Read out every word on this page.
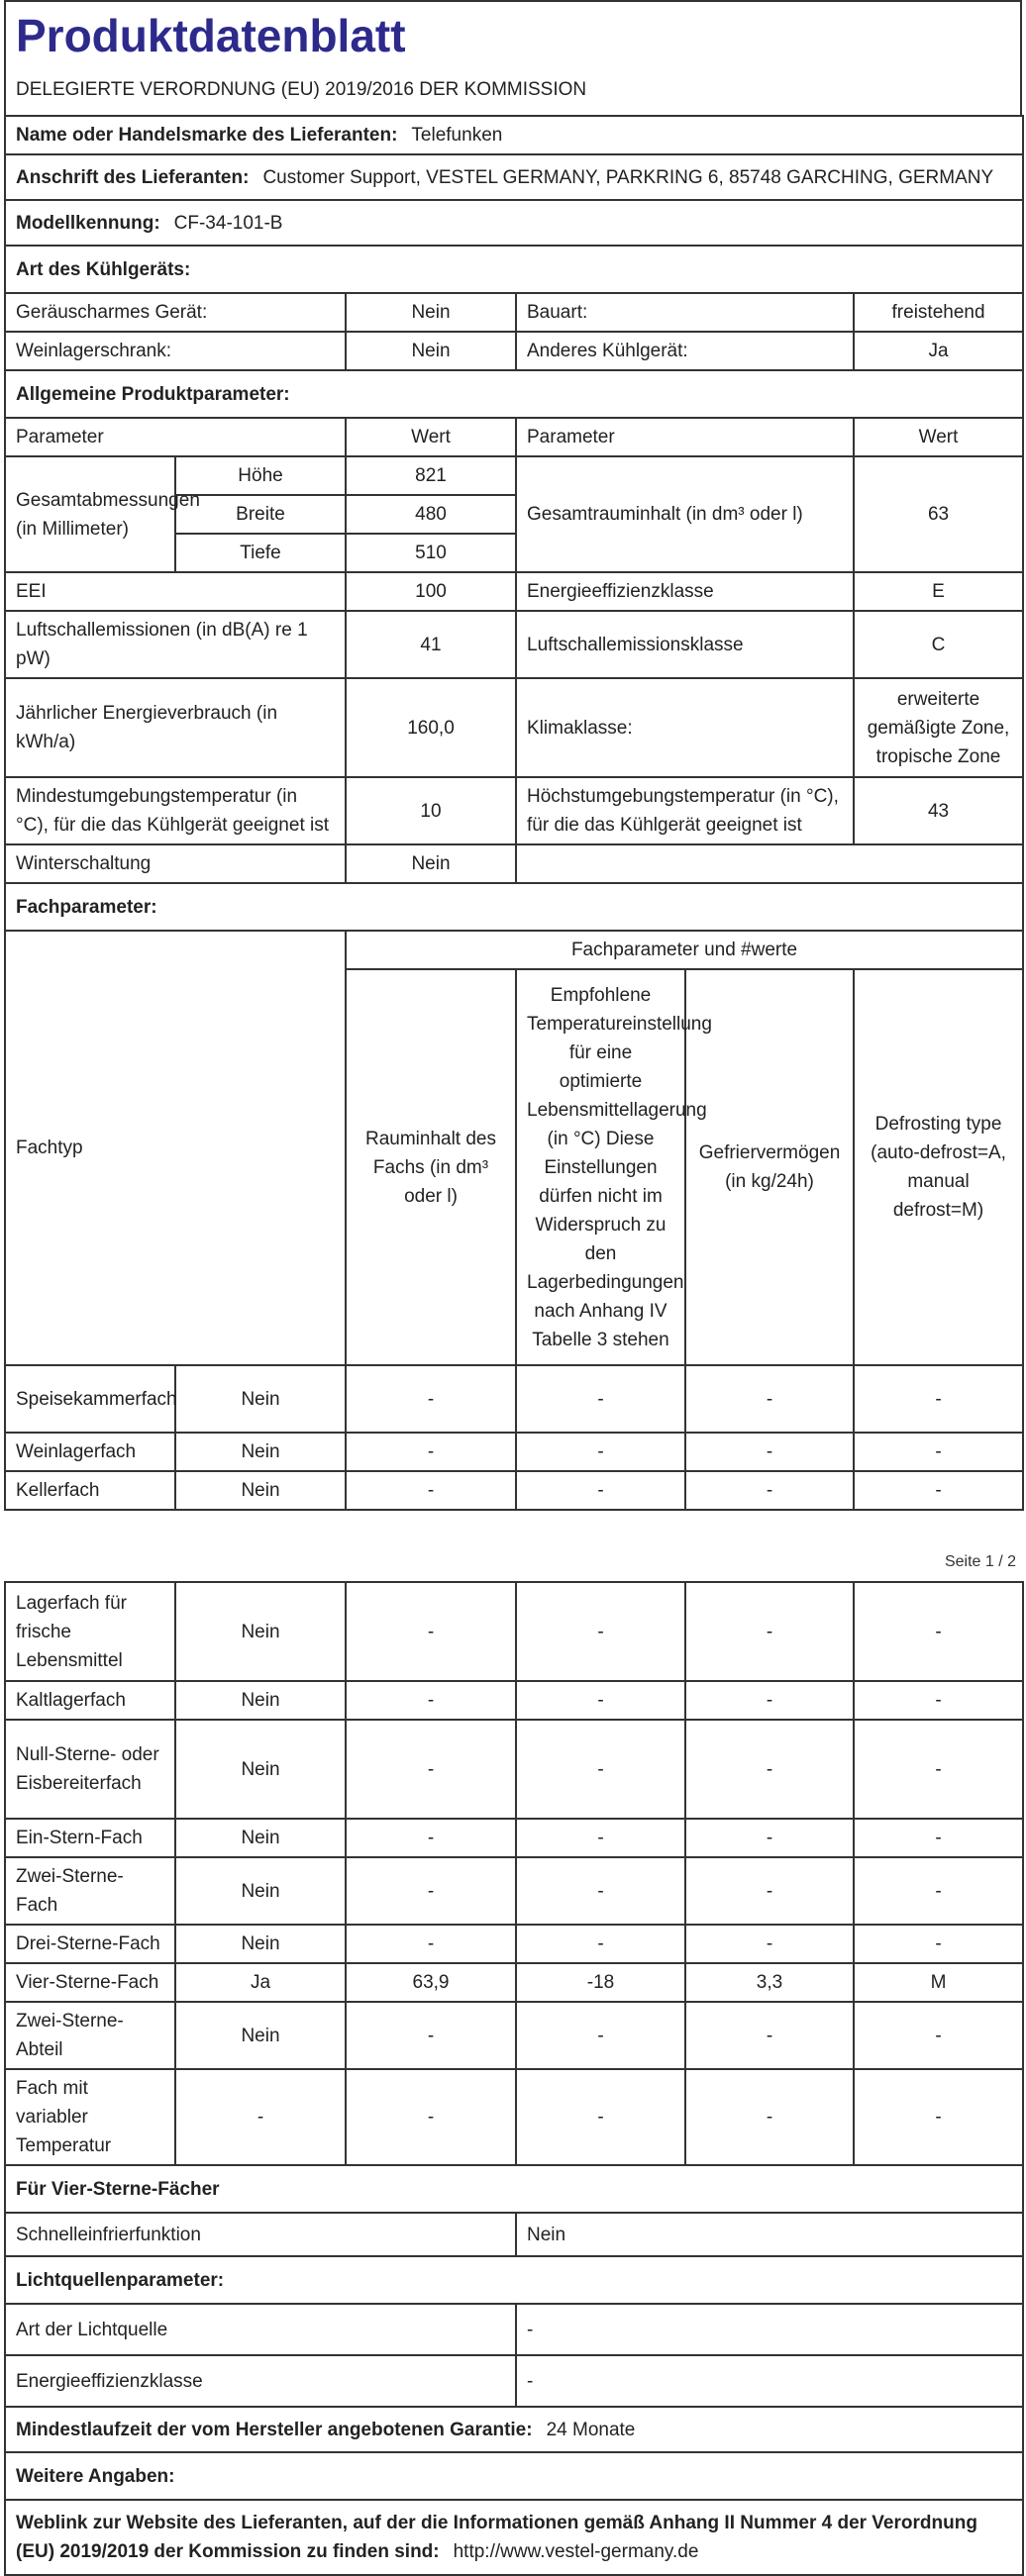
Produktdatenblatt
DELEGIERTE VERORDNUNG (EU) 2019/2016 DER KOMMISSION
Name oder Handelsmarke des Lieferanten: Telefunken					
Anschrift des Lieferanten: Customer Support, VESTEL GERMANY, PARKRING 6, 85748 GARCHING, GERMANY					
Modellkennung: CF-34-101-B					
Art des Kühlgeräts:					
Geräuscharmes Gerät:		Nein	Bauart:		freistehend
Weinlagerschrank:		Nein	Anderes Kühlgerät:		Ja
Allgemeine Produktparameter:					
Parameter		Wert	Parameter		Wert
Gesamtabmessungen (in Millimeter)	Höhe	821	Gesamtrauminhalt (in dm³ oder l)		63
	Breite	480			
	Tiefe	510			
EEI		100	Energieeffizienzklasse		E
Luftschallemissionen (in dB(A) re 1 pW)		41	Luftschallemissionsklasse		C
Jährlicher Energieverbrauch (in kWh/a)		160,0	Klimaklasse:		erweiterte gemäßigte Zone, tropische Zone
Mindestumgebungstemperatur (in °C), für die das Kühlgerät geeignet ist		10	Höchstumgebungstemperatur (in °C), für die das Kühlgerät geeignet ist		43
Winterschaltung		Nein			
Fachparameter:					
Fachtyp		Fachparameter und #werte			
		Rauminhalt des Fachs (in dm³ oder l)	Empfohlene Temperatureinstellung für eine optimierte Lebensmittellagerung (in °C) Diese Einstellungen dürfen nicht im Widerspruch zu den Lagerbedingungen nach Anhang IV Tabelle 3 stehen	Gefriervermögen (in kg/24h)	Defrosting type (auto-defrost=A, manual defrost=M)
Speisekammerfach	Nein	-	-	-	-
Weinlagerfach	Nein	-	-	-	-
Kellerfach	Nein	-	-	-	-
Seite 1 / 2
Lagerfach für frische Lebensmittel	Nein	-	-	-	-
Kaltlagerfach	Nein	-	-	-	-
Null-Sterne- oder Eisbereiterfach	Nein	-	-	-	-
Ein-Stern-Fach	Nein	-	-	-	-
Zwei-Sterne-Fach	Nein	-	-	-	-
Drei-Sterne-Fach	Nein	-	-	-	-
Vier-Sterne-Fach	Ja	63,9	-18	3,3	M
Zwei-Sterne-Abteil	Nein	-	-	-	-
Fach mit variabler Temperatur	-	-	-	-	-
Für Vier-Sterne-Fächer					
Schnelleinfrierfunktion			Nein		
Lichtquellenparameter:					
Art der Lichtquelle			-		
Energieeffizienzklasse			-		
Mindestlaufzeit der vom Hersteller angebotenen Garantie: 24 Monate					
Weitere Angaben:					
Weblink zur Website des Lieferanten, auf der die Informationen gemäß Anhang II Nummer 4 der Verordnung (EU) 2019/2019 der Kommission zu finden sind: http://www.vestel-germany.de					
